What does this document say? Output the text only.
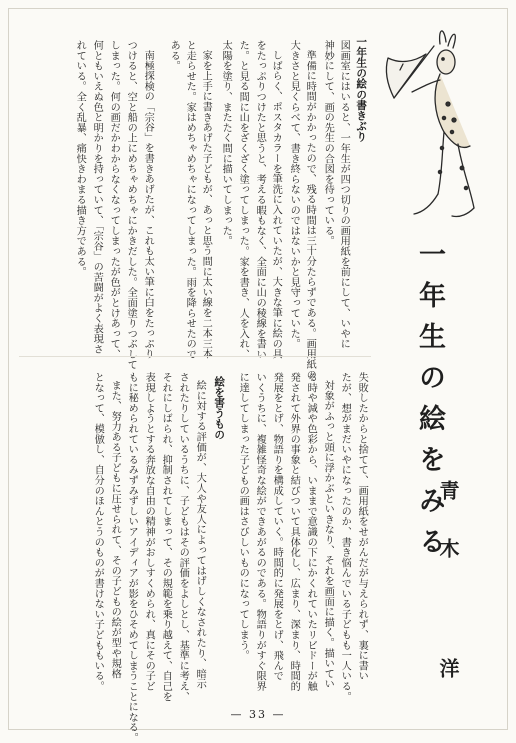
一年生の絵の書きぶり
図画室にはいると、一年生が四つ切りの画用紙を前にして、いやに
神妙にして、画の先生の合図を待っている。
準備に時間がかかったので、残る時間は三十分たらずである。画用紙の
大きさと見くらべて、書き終らないのではないかと見守っていた。
しばらく、ポスタカラーを筆洗に入れていたが、大きな筆に絵の具
をたっぷりつけたと思うと、考える暇もなく、全面に山の稜線を書い
た。と見る間に山をざくざく塗ってしまった。家を書き、人を入れ、
太陽を塗り、またたく間に描いてしまった。
家を上手に書きあげた子どもが、あっと思う間に太い線を二本三本
と走らせた。家はめちゃめちゃになってしまった。雨を降らせたので
ある。
南極探検の「宗谷」を書きあげたが、これも太い筆に白をたっぷり
つけると、空と船の上にめちゃめちゃにかきだした。全面塗りつぶして
しまった。何の画だかわからなくなってしまったが色がとけあって、
何ともいえぬ色と明かりを持っていて、「宗谷」の苦闘がよく表現さ
れている。全く乱暴、痛快きわまる描き方である。
一年生の絵をみる
青木 洋
失敗したからと捨てて、画用紙をせがんだが与えられず、裏に書い
たが、想がまだいやになったのか、書き悩んでいる子どもも一人いる。
対象がふっと頭に浮かぶといきなり、それを画面に描く。描いてい
る時や減や色彩から、いままで意識の下にかくれていたリビドーが触
発されて外界の事象と結びついて具体化し、広まり、深まり、時間的
発展をとげ、物語りを構成していく。時間的に発展をとげ、飛んで
いくうちに、複雑怪奇な絵ができあがるのである。物語りがすぐ限界
に達してしまった子どもの画はさびしいものになってしまう。
絵を害うもの
絵に対する評価が、大人や友人によってはげしくなされたり、暗示
されたりしているうちに、子どもはその評価をよしとし、基準に考え、
それにしばられ、抑制されてしまって、その規範を乗り越えて、自己を
表現しようとする奔放な自由の精神がおしすくめられ、真にその子ど
もに秘められているみずみずしいアイディアが影をひそめてしまうことになる。
また、努力ある子どもに圧せられて、その子どもの絵が型や規格
となって、模倣し、自分のほんとうのものが書けない子どももいる。
— 33 —
